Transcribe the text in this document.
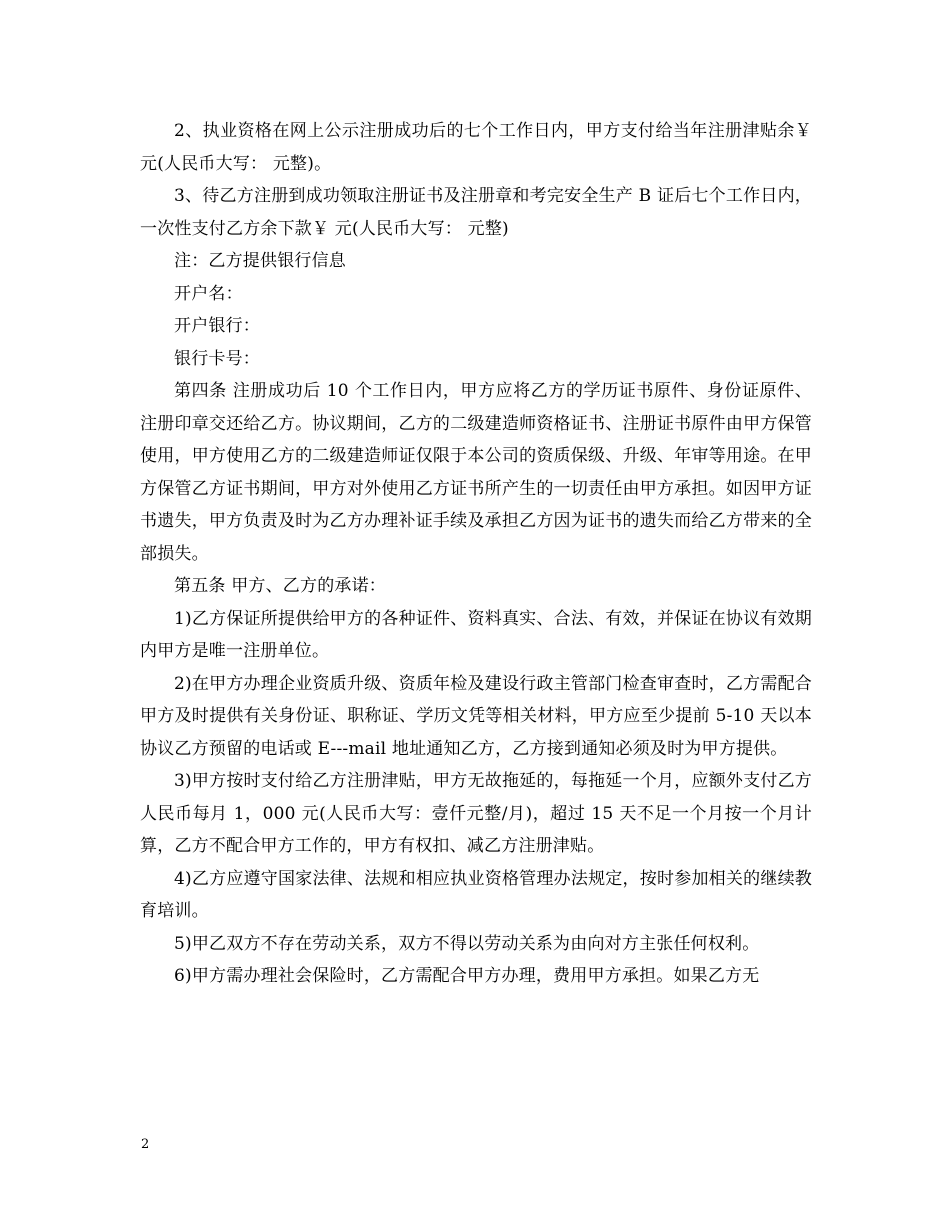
2、执业资格在网上公示注册成功后的七个工作日内，甲方支付给当年注册津贴余￥ 元(人民币大写： 元整)。

3、待乙方注册到成功领取注册证书及注册章和考完安全生产 B 证后七个工作日内，一次性支付乙方余下款￥ 元(人民币大写： 元整)

注：乙方提供银行信息

开户名：

开户银行：

银行卡号：

第四条 注册成功后 10 个工作日内，甲方应将乙方的学历证书原件、身份证原件、注册印章交还给乙方。协议期间，乙方的二级建造师资格证书、注册证书原件由甲方保管使用，甲方使用乙方的二级建造师证仅限于本公司的资质保级、升级、年审等用途。在甲方保管乙方证书期间，甲方对外使用乙方证书所产生的一切责任由甲方承担。如因甲方证书遗失，甲方负责及时为乙方办理补证手续及承担乙方因为证书的遗失而给乙方带来的全部损失。

第五条 甲方、乙方的承诺：

1)乙方保证所提供给甲方的各种证件、资料真实、合法、有效，并保证在协议有效期内甲方是唯一注册单位。

2)在甲方办理企业资质升级、资质年检及建设行政主管部门检查审查时，乙方需配合甲方及时提供有关身份证、职称证、学历文凭等相关材料，甲方应至少提前 5-10 天以本协议乙方预留的电话或 E---mail 地址通知乙方，乙方接到通知必须及时为甲方提供。

3)甲方按时支付给乙方注册津贴，甲方无故拖延的，每拖延一个月，应额外支付乙方人民币每月 1，000 元(人民币大写：壹仟元整/月)，超过 15 天不足一个月按一个月计算，乙方不配合甲方工作的，甲方有权扣、减乙方注册津贴。

4)乙方应遵守国家法律、法规和相应执业资格管理办法规定，按时参加相关的继续教育培训。

5)甲乙双方不存在劳动关系，双方不得以劳动关系为由向对方主张任何权利。

6)甲方需办理社会保险时，乙方需配合甲方办理，费用甲方承担。如果乙方无

2
